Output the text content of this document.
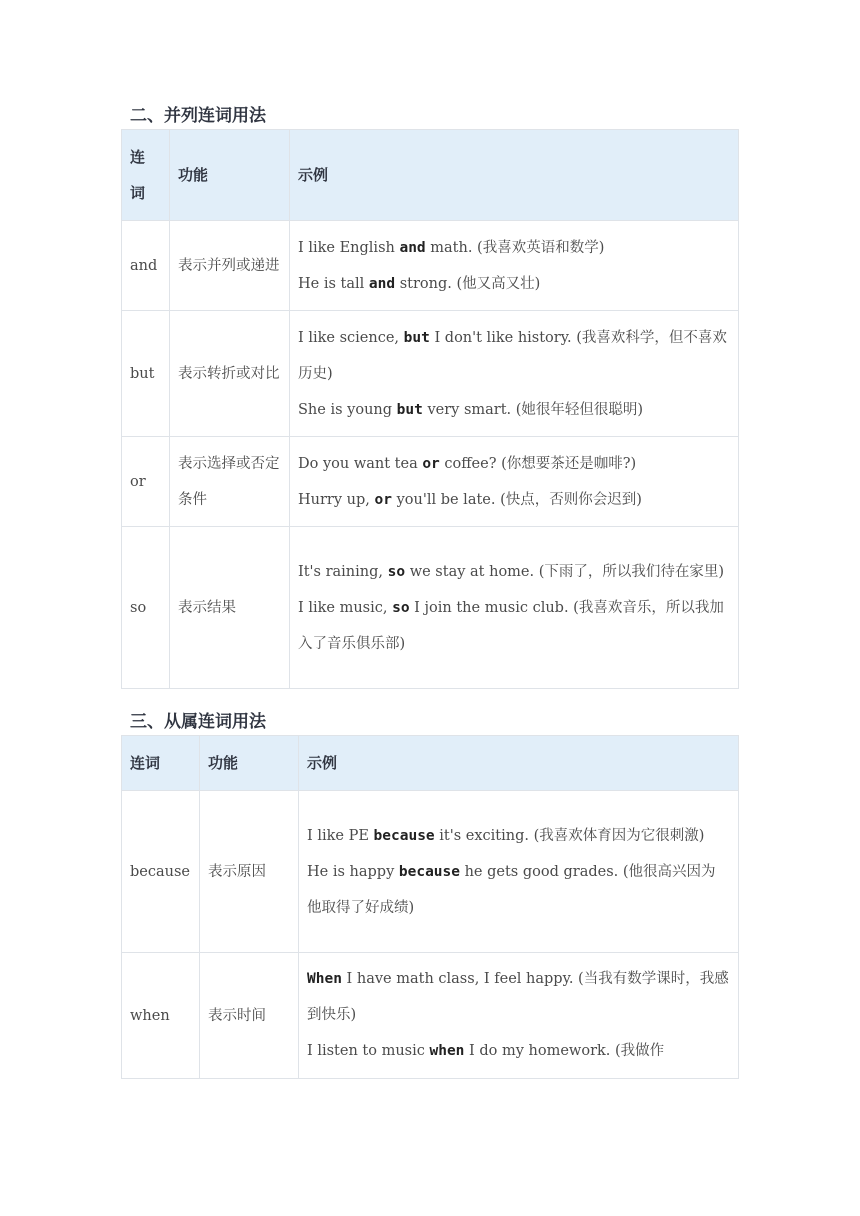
二、并列连词用法
连词	功能	示例
and	表示并列或递进	I like English and math. (我喜欢英语和数学)
He is tall and strong. (他又高又壮)

but	表示转折或对比	I like science, but I don't like history. (我喜欢科学，但不喜欢历史)
She is young but very smart. (她很年轻但很聪明)

or	表示选择或否定条件	Do you want tea or coffee? (你想要茶还是咖啡?)
Hurry up, or you'll be late. (快点，否则你会迟到)

so	表示结果	It's raining, so we stay at home. (下雨了，所以我们待在家里)
I like music, so I join the music club. (我喜欢音乐，所以我加入了音乐俱乐部)
三、从属连词用法
连词	功能	示例
because	表示原因	I like PE because it's exciting. (我喜欢体育因为它很刺激)
He is happy because he gets good grades. (他很高兴因为他取得了好成绩)

when	表示时间	When I have math class, I feel happy. (当我有数学课时，我感到快乐)
I listen to music when I do my homework. (我做作
